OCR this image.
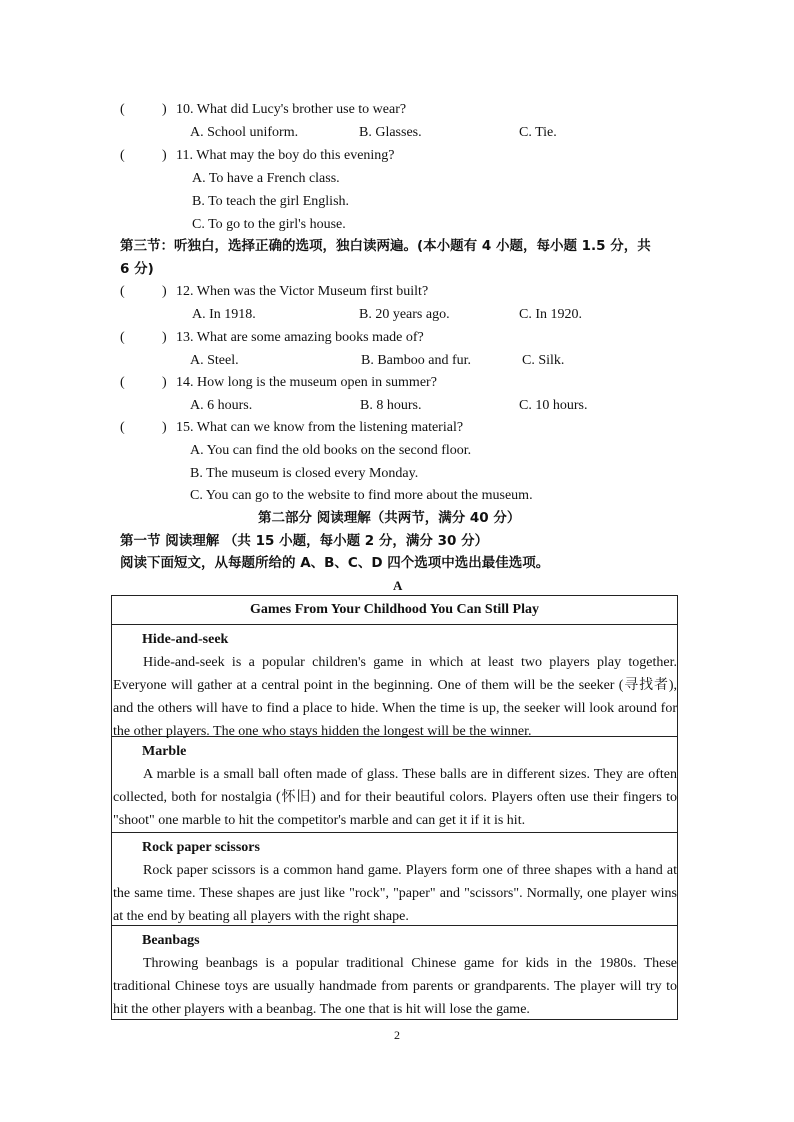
(	) 10. What did Lucy's brother use to wear?
A. School uniform.	B. Glasses.	C. Tie.
(	) 11. What may the boy do this evening?
A. To have a French class.
B. To teach the girl English.
C. To go to the girl's house.
第三节：听独白，选择正确的选项，独白读两遍。(本小题有 4 小题，每小题 1.5 分，共
6 分)
(	) 12. When was the Victor Museum first built?
A. In 1918.	B. 20 years ago.	C. In 1920.
(	) 13. What are some amazing books made of?
A. Steel.	B. Bamboo and fur.	C. Silk.
(	) 14. How long is the museum open in summer?
A. 6 hours.	B. 8 hours.	C. 10 hours.
(	) 15. What can we know from the listening material?
A. You can find the old books on the second floor.
B. The museum is closed every Monday.
C. You can go to the website to find more about the museum.
第二部分 阅读理解（共两节，满分 40 分）
第一节 阅读理解 （共 15 小题，每小题 2 分，满分 30 分）
阅读下面短文，从每题所给的 A、B、C、D 四个选项中选出最佳选项。
A
Games From Your Childhood You Can Still Play
Hide-and-seek

Hide-and-seek is a popular children's game in which at least two players play together. Everyone will gather at a central point in the beginning. One of them will be the seeker (寻找者), and the others will have to find a place to hide. When the time is up, the seeker will look around for the other players. The one who stays hidden the longest will be the winner.

Marble

A marble is a small ball often made of glass. These balls are in different sizes. They are often collected, both for nostalgia (怀旧) and for their beautiful colors. Players often use their fingers to "shoot" one marble to hit the competitor's marble and can get it if it is hit.

Rock paper scissors

Rock paper scissors is a common hand game. Players form one of three shapes with a hand at the same time. These shapes are just like "rock", "paper" and "scissors". Normally, one player wins at the end by beating all players with the right shape.

Beanbags

Throwing beanbags is a popular traditional Chinese game for kids in the 1980s. These traditional Chinese toys are usually handmade from parents or grandparents. The player will try to hit the other players with a beanbag. The one that is hit will lose the game.

2
